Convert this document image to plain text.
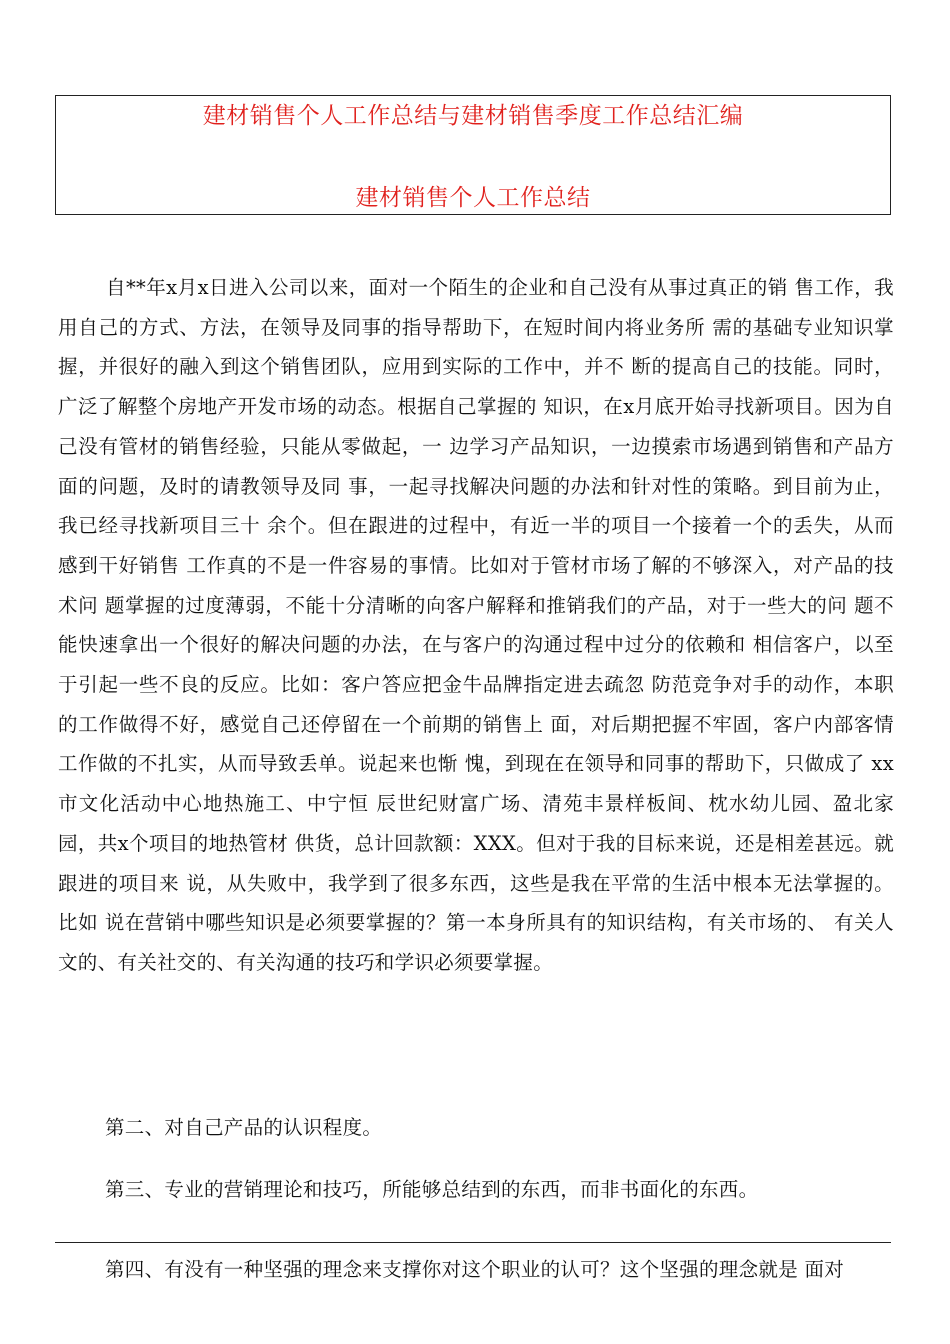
建材销售个人工作总结与建材销售季度工作总结汇编
建材销售个人工作总结

自**年x月x日进入公司以来，面对一个陌生的企业和自己没有从事过真正的销 售工作，我用自己的方式、方法，在领导及同事的指导帮助下，在短时间内将业务所 需的基础专业知识掌握，并很好的融入到这个销售团队，应用到实际的工作中，并不 断的提高自己的技能。同时，广泛了解整个房地产开发市场的动态。根据自己掌握的 知识，在x月底开始寻找新项目。因为自己没有管材的销售经验，只能从零做起，一 边学习产品知识，一边摸索市场遇到销售和产品方面的问题，及时的请教领导及同 事，一起寻找解决问题的办法和针对性的策略。到目前为止，我已经寻找新项目三十 余个。但在跟进的过程中，有近一半的项目一个接着一个的丢失，从而感到干好销售 工作真的不是一件容易的事情。比如对于管材市场了解的不够深入，对产品的技术问 题掌握的过度薄弱，不能十分清晰的向客户解释和推销我们的产品，对于一些大的问 题不能快速拿出一个很好的解决问题的办法，在与客户的沟通过程中过分的依赖和 相信客户，以至于引起一些不良的反应。比如：客户答应把金牛品牌指定进去疏忽 防范竞争对手的动作，本职的工作做得不好，感觉自己还停留在一个前期的销售上 面，对后期把握不牢固，客户内部客情工作做的不扎实，从而导致丢单。说起来也惭 愧，到现在在领导和同事的帮助下，只做成了 xx市文化活动中心地热施工、中宁恒 辰世纪财富广场、清苑丰景样板间、枕水幼儿园、盈北家园，共x个项目的地热管材 供货，总计回款额：XXX。但对于我的目标来说，还是相差甚远。就跟进的项目来 说，从失败中，我学到了很多东西，这些是我在平常的生活中根本无法掌握的。比如 说在营销中哪些知识是必须要掌握的？第一本身所具有的知识结构，有关市场的、 有关人文的、有关社交的、有关沟通的技巧和学识必须要掌握。

第二、对自己产品的认识程度。

第三、专业的营销理论和技巧，所能够总结到的东西，而非书面化的东西。

第四、有没有一种坚强的理念来支撑你对这个职业的认可？这个坚强的理念就是 面对
